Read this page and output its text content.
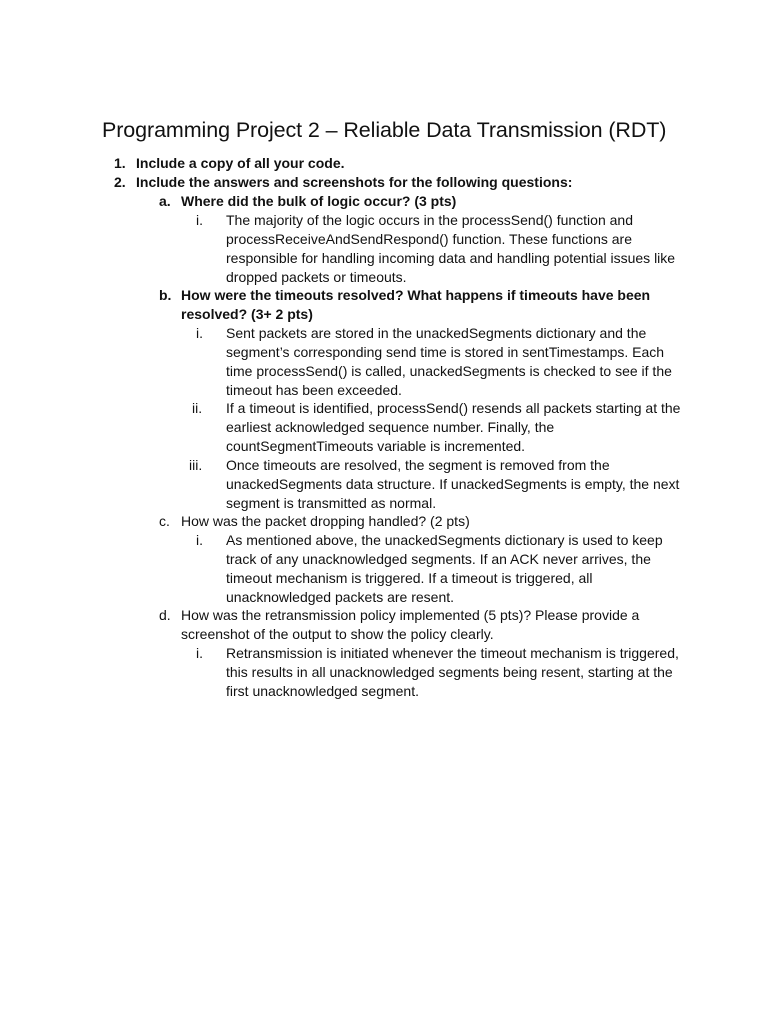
Programming Project 2 – Reliable Data Transmission (RDT)
1. Include a copy of all your code.
2. Include the answers and screenshots for the following questions:
a. Where did the bulk of logic occur? (3 pts)
i. The majority of the logic occurs in the processSend() function and
processReceiveAndSendRespond() function. These functions are
responsible for handling incoming data and handling potential issues like
dropped packets or timeouts.
b. How were the timeouts resolved? What happens if timeouts have been
resolved? (3+ 2 pts)
i. Sent packets are stored in the unackedSegments dictionary and the
segment’s corresponding send time is stored in sentTimestamps. Each
time processSend() is called, unackedSegments is checked to see if the
timeout has been exceeded.
ii. If a timeout is identified, processSend() resends all packets starting at the
earliest acknowledged sequence number. Finally, the
countSegmentTimeouts variable is incremented.
iii. Once timeouts are resolved, the segment is removed from the
unackedSegments data structure. If unackedSegments is empty, the next
segment is transmitted as normal.
c. How was the packet dropping handled? (2 pts)
i. As mentioned above, the unackedSegments dictionary is used to keep
track of any unacknowledged segments. If an ACK never arrives, the
timeout mechanism is triggered. If a timeout is triggered, all
unacknowledged packets are resent.
d. How was the retransmission policy implemented (5 pts)? Please provide a
screenshot of the output to show the policy clearly.
i. Retransmission is initiated whenever the timeout mechanism is triggered,
this results in all unacknowledged segments being resent, starting at the
first unacknowledged segment.
